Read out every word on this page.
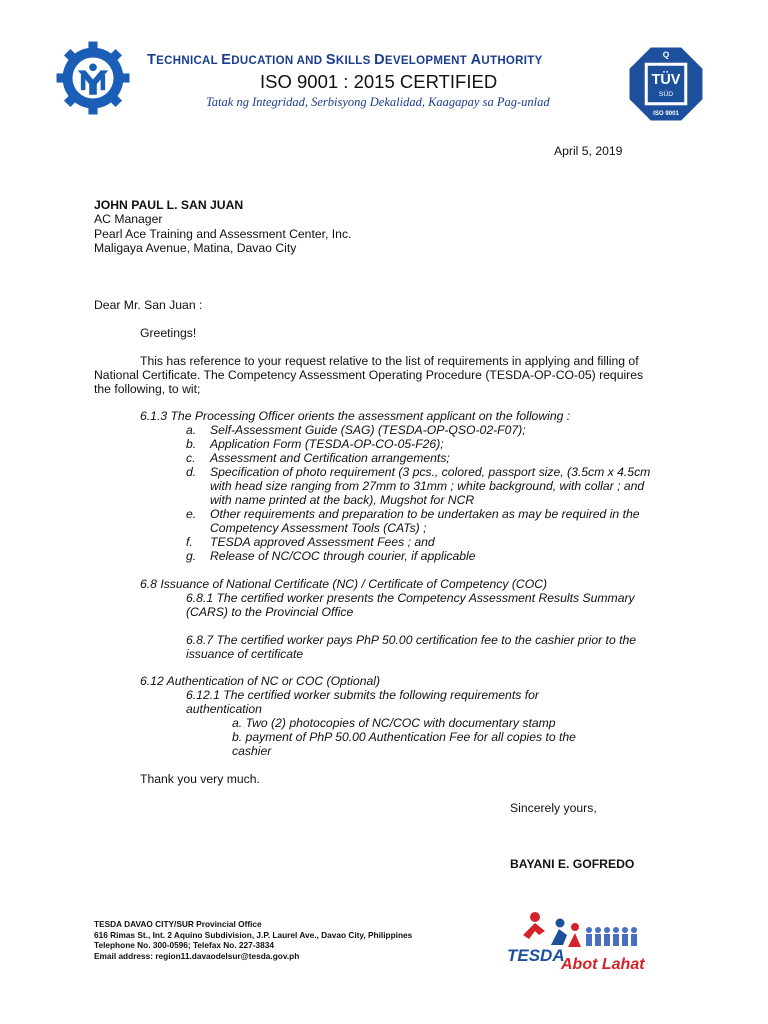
TECHNICAL EDUCATION AND SKILLS DEVELOPMENT AUTHORITY
ISO 9001 : 2015 CERTIFIED
Tatak ng Integridad, Serbisyong Dekalidad, Kaagapay sa Pag-unlad
Q
TÜV
SÜD
ISO 9001
April 5, 2019
JOHN PAUL L. SAN JUAN
AC Manager
Pearl Ace Training and Assessment Center, Inc.
Maligaya Avenue, Matina, Davao City
Dear Mr. San Juan :
Greetings!
This has reference to your request relative to the list of requirements in applying and filling of
National Certificate. The Competency Assessment Operating Procedure (TESDA-OP-CO-05) requires
the following, to wit;
6.1.3 The Processing Officer orients the assessment applicant on the following :
a. Self-Assessment Guide (SAG) (TESDA-OP-QSO-02-F07);
b. Application Form (TESDA-OP-CO-05-F26);
c. Assessment and Certification arrangements;
d. Specification of photo requirement (3 pcs., colored, passport size, (3.5cm x 4.5cm
with head size ranging from 27mm to 31mm ; white background, with collar ; and
with name printed at the back), Mugshot for NCR
e. Other requirements and preparation to be undertaken as may be required in the
Competency Assessment Tools (CATs) ;
f. TESDA approved Assessment Fees ; and
g. Release of NC/COC through courier, if applicable
6.8 Issuance of National Certificate (NC) / Certificate of Competency (COC)
6.8.1 The certified worker presents the Competency Assessment Results Summary
(CARS) to the Provincial Office
6.8.7 The certified worker pays PhP 50.00 certification fee to the cashier prior to the
issuance of certificate
6.12 Authentication of NC or COC (Optional)
6.12.1 The certified worker submits the following requirements for
authentication
a. Two (2) photocopies of NC/COC with documentary stamp
b. payment of PhP 50.00 Authentication Fee for all copies to the
cashier
Thank you very much.
Sincerely yours,
BAYANI E. GOFREDO
TESDA DAVAO CITY/SUR Provincial Office
616 Rimas St., Int. 2 Aquino Subdivision, J.P. Laurel Ave., Davao City, Philippines
Telephone No. 300-0596; Telefax No. 227-3834
Email address: region11.davaodelsur@tesda.gov.ph	TESDA
Abot Lahat
